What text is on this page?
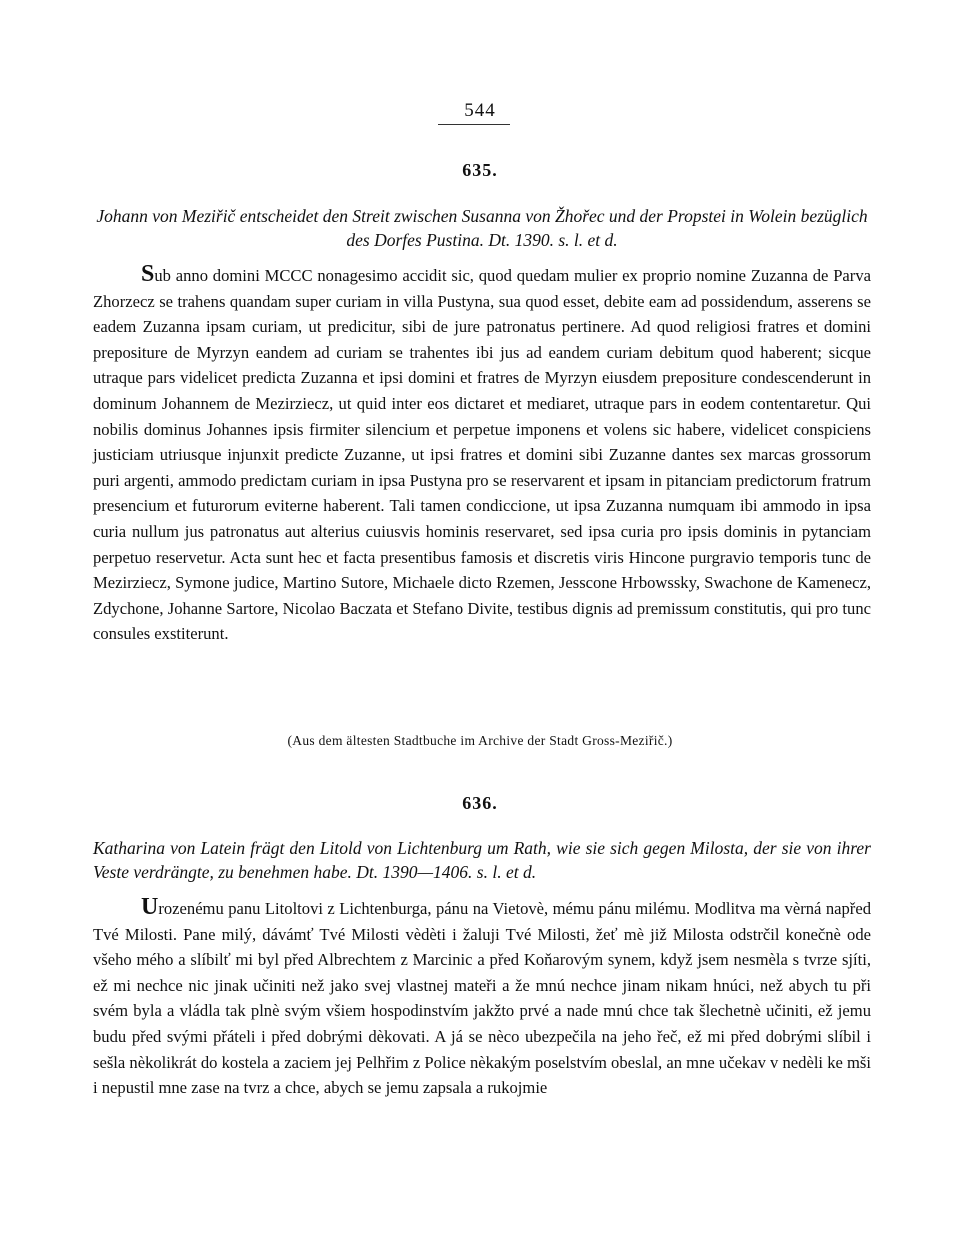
544
635.
Johann von Meziřič entscheidet den Streit zwischen Susanna von Žhořec und der Propstei in Wolein bezüglich des Dorfes Pustina. Dt. 1390. s. l. et d.
Sub anno domini MCCC nonagesimo accidit sic, quod quedam mulier ex proprio nomine Zuzanna de Parva Zhorzecz se trahens quandam super curiam in villa Pustyna, sua quod esset, debite eam ad possidendum, asserens se eadem Zuzanna ipsam curiam, ut predicitur, sibi de jure patronatus pertinere. Ad quod religiosi fratres et domini prepositure de Myrzyn eandem ad curiam se trahentes ibi jus ad eandem curiam debitum quod haberent; sicque utraque pars videlicet predicta Zuzanna et ipsi domini et fratres de Myrzyn eiusdem prepositure condescenderunt in dominum Johannem de Mezirziecz, ut quid inter eos dictaret et mediaret, utraque pars in eodem contentaretur. Qui nobilis dominus Johannes ipsis firmiter silencium et perpetue imponens et volens sic habere, videlicet conspiciens justiciam utriusque injunxit predicte Zuzanne, ut ipsi fratres et domini sibi Zuzanne dantes sex marcas grossorum puri argenti, ammodo predictam curiam in ipsa Pustyna pro se reservarent et ipsam in pitanciam predictorum fratrum presencium et futurorum eviterne haberent. Tali tamen condiccione, ut ipsa Zuzanna numquam ibi ammodo in ipsa curia nullum jus patronatus aut alterius cuiusvis hominis reservaret, sed ipsa curia pro ipsis dominis in pytanciam perpetuo reservetur. Acta sunt hec et facta presentibus famosis et discretis viris Hincone purgravio temporis tunc de Mezirziecz, Symone judice, Martino Sutore, Michaele dicto Rzemen, Jesscone Hrbowssky, Swachone de Kamenecz, Zdychone, Johanne Sartore, Nicolao Baczata et Stefano Divite, testibus dignis ad premissum constitutis, qui pro tunc consules exstiterunt.
(Aus dem ältesten Stadtbuche im Archive der Stadt Gross-Meziřič.)
636.
Katharina von Latein frägt den Litold von Lichtenburg um Rath, wie sie sich gegen Milosta, der sie von ihrer Veste verdrängte, zu benehmen habe. Dt. 1390—1406. s. l. et d.
Urozenému panu Litoltovi z Lichtenburga, pánu na Vietovè, mému pánu milému. Modlitva ma vèrná napřed Tvé Milosti. Pane milý, dávámť Tvé Milosti vèdèti i žaluji Tvé Milosti, žeť mè již Milosta odstrčil konečnè ode všeho mého a slíbilť mi byl před Albrechtem z Marcinic a před Koňarovým synem, když jsem nesmèla s tvrze sjíti, ež mi nechce nic jinak učiniti než jako svej vlastnej mateři a že mnú nechce jinam nikam hnúci, než abych tu při svém byla a vládla tak plnè svým všiem hospodinstvím jakžto prvé a nade mnú chce tak šlechetnè učiniti, ež jemu budu před svými přáteli i před dobrými dèkovati. A já se nèco ubezpečila na jeho řeč, ež mi před dobrými slíbil i sešla nèkolikrát do kostela a zaciem jej Pelhřim z Police nèkakým poselstvím obeslal, an mne učekav v nedèli ke mši i nepustil mne zase na tvrz a chce, abych se jemu zapsala a rukojmie
